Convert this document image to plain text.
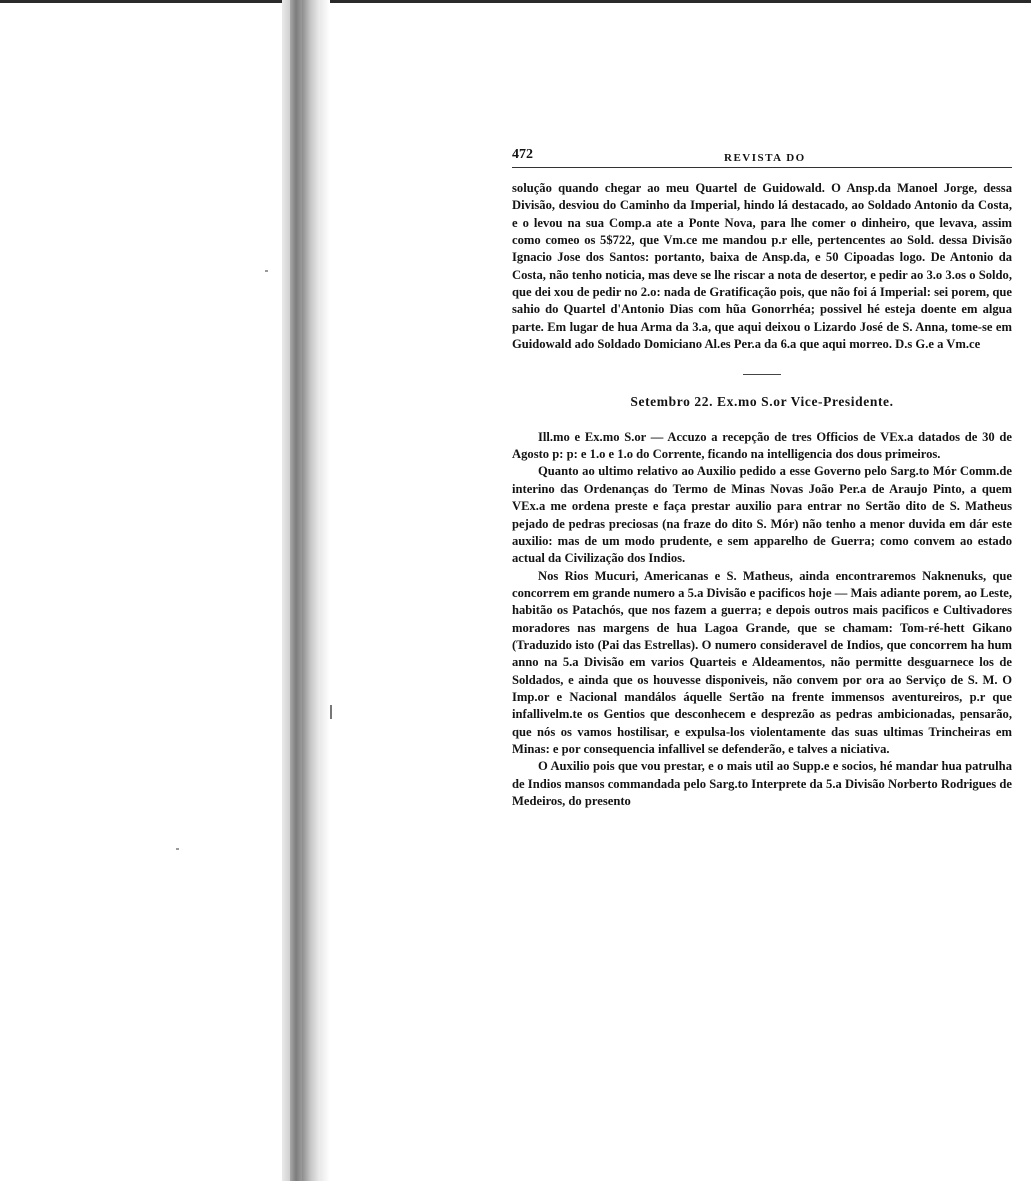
472	REVISTA DO

solução quando chegar ao meu Quartel de Guidowald. O Ansp.da Manoel Jorge, dessa Divisão, desviou do Caminho da Imperial, hindo lá destacado, ao Soldado Antonio da Costa, e o levou na sua Comp.a ate a Ponte Nova, para lhe comer o dinheiro, que levava, assim como comeo os 5$722, que Vm.ce me mandou p.r elle, pertencentes ao Sold. dessa Divisão Ignacio Jose dos Santos: portanto, baixa de Ansp.da, e 50 Cipoadas logo. De Antonio da Costa, não tenho noticia, mas deve se lhe riscar a nota de desertor, e pedir ao 3.o 3.os o Soldo, que dei xou de pedir no 2.o: nada de Gratificação pois, que não foi á Imperial: sei porem, que sahio do Quartel d'Antonio Dias com hũa Gonorrhéa; possivel hé esteja doente em algua parte. Em lugar de hua Arma da 3.a, que aqui deixou o Lizardo José de S. Anna, tome-se em Guidowald ado Soldado Domiciano Al.es Per.a da 6.a que aqui morreo. D.s G.e a Vm.ce

Setembro 22. Ex.mo S.or Vice-Presidente.

Ill.mo e Ex.mo S.or — Accuzo a recepção de tres Officios de VEx.a datados de 30 de Agosto p: p: e 1.o e 1.o do Corrente, ficando na intelligencia dos dous primeiros.

Quanto ao ultimo relativo ao Auxilio pedido a esse Governo pelo Sarg.to Mór Comm.de interino das Ordenanças do Termo de Minas Novas João Per.a de Araujo Pinto, a quem VEx.a me ordena preste e faça prestar auxilio para entrar no Sertão dito de S. Matheus pejado de pedras preciosas (na fraze do dito S. Mór) não tenho a menor duvida em dár este auxilio: mas de um modo prudente, e sem apparelho de Guerra; como convem ao estado actual da Civilização dos Indios.

Nos Rios Mucuri, Americanas e S. Matheus, ainda encontraremos Naknenuks, que concorrem em grande numero a 5.a Divisão e pacificos hoje — Mais adiante porem, ao Leste, habitão os Patachós, que nos fazem a guerra; e depois outros mais pacificos e Cultivadores moradores nas margens de hua Lagoa Grande, que se chamam: Tom-ré-hett Gikano (Traduzido isto (Pai das Estrellas). O numero consideravel de Indios, que concorrem ha hum anno na 5.a Divisão em varios Quarteis e Aldeamentos, não permitte desguarnece los de Soldados, e ainda que os houvesse disponiveis, não convem por ora ao Serviço de S. M. O Imp.or e Nacional mandálos áquelle Sertão na frente immensos aventureiros, p.r que infallivelm.te os Gentios que desconhecem e desprezão as pedras ambicionadas, pensarão, que nós os vamos hostilisar, e expulsa-los violentamente das suas ultimas Trincheiras em Minas: e por consequencia infallivel se defenderão, e talves a niciativa.

O Auxilio pois que vou prestar, e o mais util ao Supp.e e socios, hé mandar hua patrulha de Indios mansos commandada pelo Sarg.to Interprete da 5.a Divisão Norberto Rodrigues de Medeiros, do presento
